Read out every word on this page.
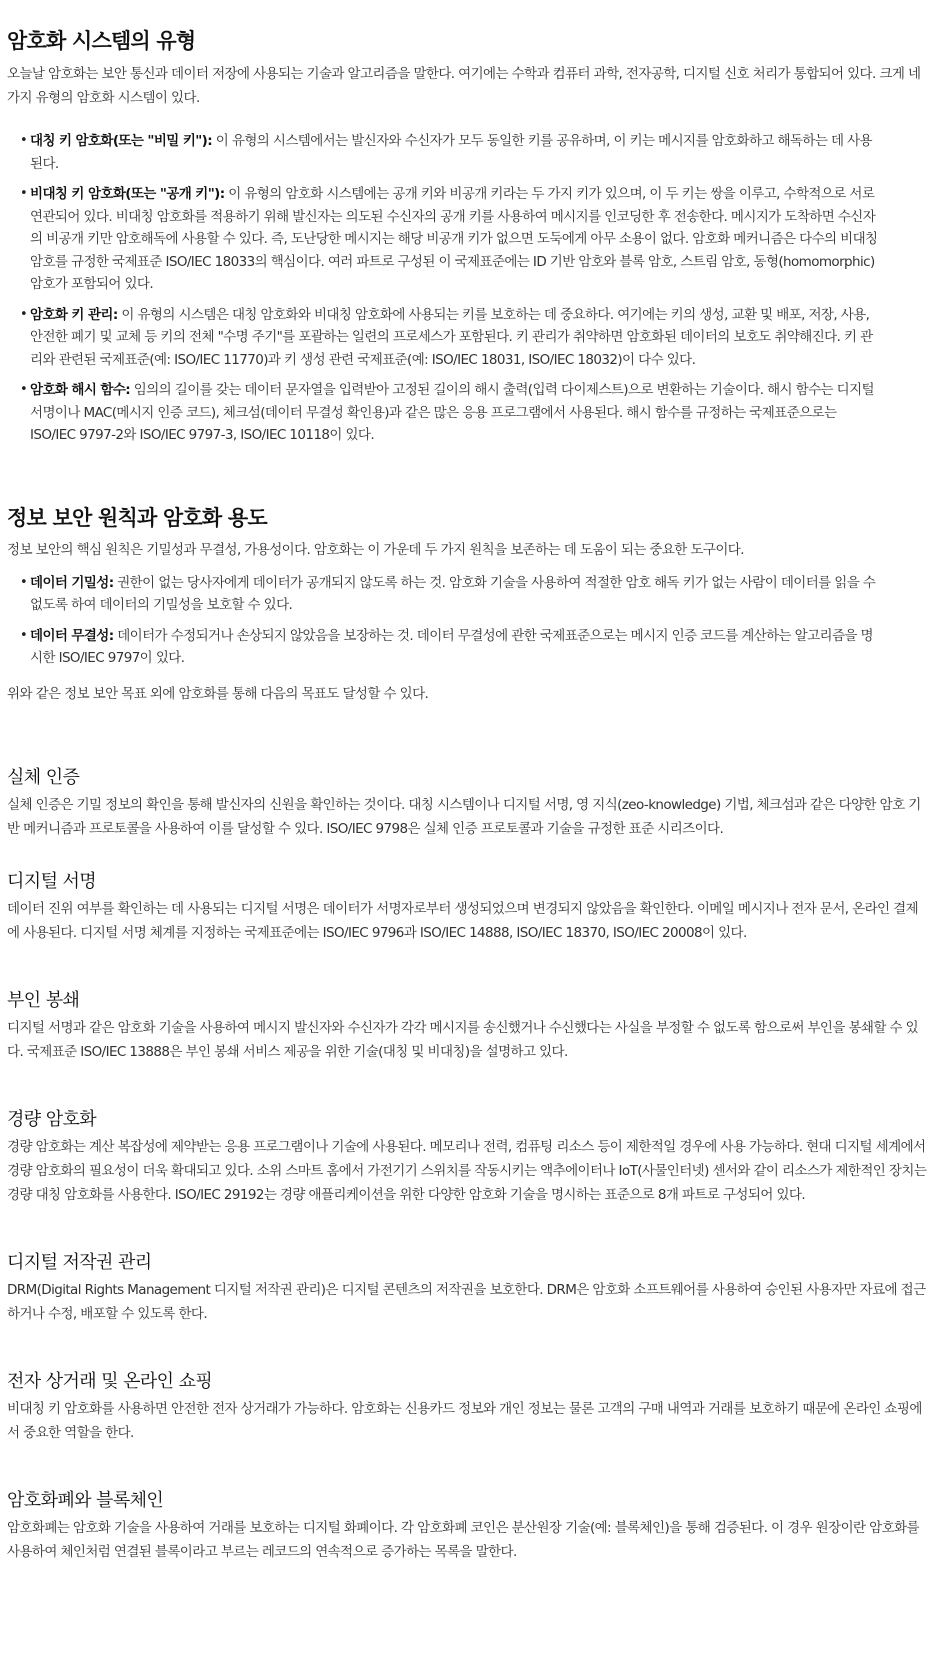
암호화 시스템의 유형

오늘날 암호화는 보안 통신과 데이터 저장에 사용되는 기술과 알고리즘을 말한다. 여기에는 수학과 컴퓨터 과학, 전자공학, 디지털 신호 처리가 통합되어 있다. 크게 네 가지 유형의 암호화 시스템이 있다.

• 대칭 키 암호화(또는 "비밀 키"): 이 유형의 시스템에서는 발신자와 수신자가 모두 동일한 키를 공유하며, 이 키는 메시지를 암호화하고 해독하는 데 사용된다.
• 비대칭 키 암호화(또는 "공개 키"): 이 유형의 암호화 시스템에는 공개 키와 비공개 키라는 두 가지 키가 있으며, 이 두 키는 쌍을 이루고, 수학적으로 서로 연관되어 있다. 비대칭 암호화를 적용하기 위해 발신자는 의도된 수신자의 공개 키를 사용하여 메시지를 인코딩한 후 전송한다. 메시지가 도착하면 수신자의 비공개 키만 암호해독에 사용할 수 있다. 즉, 도난당한 메시지는 해당 비공개 키가 없으면 도둑에게 아무 소용이 없다. 암호화 메커니즘은 다수의 비대칭 암호를 규정한 국제표준 ISO/IEC 18033의 핵심이다. 여러 파트로 구성된 이 국제표준에는 ID 기반 암호와 블록 암호, 스트림 암호, 동형(homomorphic) 암호가 포함되어 있다.
• 암호화 키 관리: 이 유형의 시스템은 대칭 암호화와 비대칭 암호화에 사용되는 키를 보호하는 데 중요하다. 여기에는 키의 생성, 교환 및 배포, 저장, 사용, 안전한 폐기 및 교체 등 키의 전체 "수명 주기"를 포괄하는 일련의 프로세스가 포함된다. 키 관리가 취약하면 암호화된 데이터의 보호도 취약해진다. 키 관리와 관련된 국제표준(예: ISO/IEC 11770)과 키 생성 관련 국제표준(예: ISO/IEC 18031, ISO/IEC 18032)이 다수 있다.
• 암호화 해시 함수: 임의의 길이를 갖는 데이터 문자열을 입력받아 고정된 길이의 해시 출력(입력 다이제스트)으로 변환하는 기술이다. 해시 함수는 디지털 서명이나 MAC(메시지 인증 코드), 체크섬(데이터 무결성 확인용)과 같은 많은 응용 프로그램에서 사용된다. 해시 함수를 규정하는 국제표준으로는 ISO/IEC 9797-2와 ISO/IEC 9797-3, ISO/IEC 10118이 있다.
정보 보안 원칙과 암호화 용도

정보 보안의 핵심 원칙은 기밀성과 무결성, 가용성이다. 암호화는 이 가운데 두 가지 원칙을 보존하는 데 도움이 되는 중요한 도구이다.

• 데이터 기밀성: 권한이 없는 당사자에게 데이터가 공개되지 않도록 하는 것. 암호화 기술을 사용하여 적절한 암호 해독 키가 없는 사람이 데이터를 읽을 수 없도록 하여 데이터의 기밀성을 보호할 수 있다.
• 데이터 무결성: 데이터가 수정되거나 손상되지 않았음을 보장하는 것. 데이터 무결성에 관한 국제표준으로는 메시지 인증 코드를 계산하는 알고리즘을 명시한 ISO/IEC 9797이 있다.

위와 같은 정보 보안 목표 외에 암호화를 통해 다음의 목표도 달성할 수 있다.

실체 인증

실체 인증은 기밀 정보의 확인을 통해 발신자의 신원을 확인하는 것이다. 대칭 시스템이나 디지털 서명, 영 지식(zeo-knowledge) 기법, 체크섬과 같은 다양한 암호 기반 메커니즘과 프로토콜을 사용하여 이를 달성할 수 있다. ISO/IEC 9798은 실체 인증 프로토콜과 기술을 규정한 표준 시리즈이다.

디지털 서명

데이터 진위 여부를 확인하는 데 사용되는 디지털 서명은 데이터가 서명자로부터 생성되었으며 변경되지 않았음을 확인한다. 이메일 메시지나 전자 문서, 온라인 결제에 사용된다. 디지털 서명 체계를 지정하는 국제표준에는 ISO/IEC 9796과 ISO/IEC 14888, ISO/IEC 18370, ISO/IEC 20008이 있다.

부인 봉쇄

디지털 서명과 같은 암호화 기술을 사용하여 메시지 발신자와 수신자가 각각 메시지를 송신했거나 수신했다는 사실을 부정할 수 없도록 함으로써 부인을 봉쇄할 수 있다. 국제표준 ISO/IEC 13888은 부인 봉쇄 서비스 제공을 위한 기술(대칭 및 비대칭)을 설명하고 있다.

경량 암호화

경량 암호화는 계산 복잡성에 제약받는 응용 프로그램이나 기술에 사용된다. 메모리나 전력, 컴퓨팅 리소스 등이 제한적일 경우에 사용 가능하다. 현대 디지털 세계에서 경량 암호화의 필요성이 더욱 확대되고 있다. 소위 스마트 홈에서 가전기기 스위치를 작동시키는 액추에이터나 IoT(사물인터넷) 센서와 같이 리소스가 제한적인 장치는 경량 대칭 암호화를 사용한다. ISO/IEC 29192는 경량 애플리케이션을 위한 다양한 암호화 기술을 명시하는 표준으로 8개 파트로 구성되어 있다.

디지털 저작권 관리

DRM(Digital Rights Management 디지털 저작권 관리)은 디지털 콘텐츠의 저작권을 보호한다. DRM은 암호화 소프트웨어를 사용하여 승인된 사용자만 자료에 접근하거나 수정, 배포할 수 있도록 한다.

전자 상거래 및 온라인 쇼핑

비대칭 키 암호화를 사용하면 안전한 전자 상거래가 가능하다. 암호화는 신용카드 정보와 개인 정보는 물론 고객의 구매 내역과 거래를 보호하기 때문에 온라인 쇼핑에서 중요한 역할을 한다.

암호화폐와 블록체인

암호화폐는 암호화 기술을 사용하여 거래를 보호하는 디지털 화폐이다. 각 암호화폐 코인은 분산원장 기술(예: 블록체인)을 통해 검증된다. 이 경우 원장이란 암호화를 사용하여 체인처럼 연결된 블록이라고 부르는 레코드의 연속적으로 증가하는 목록을 말한다.
